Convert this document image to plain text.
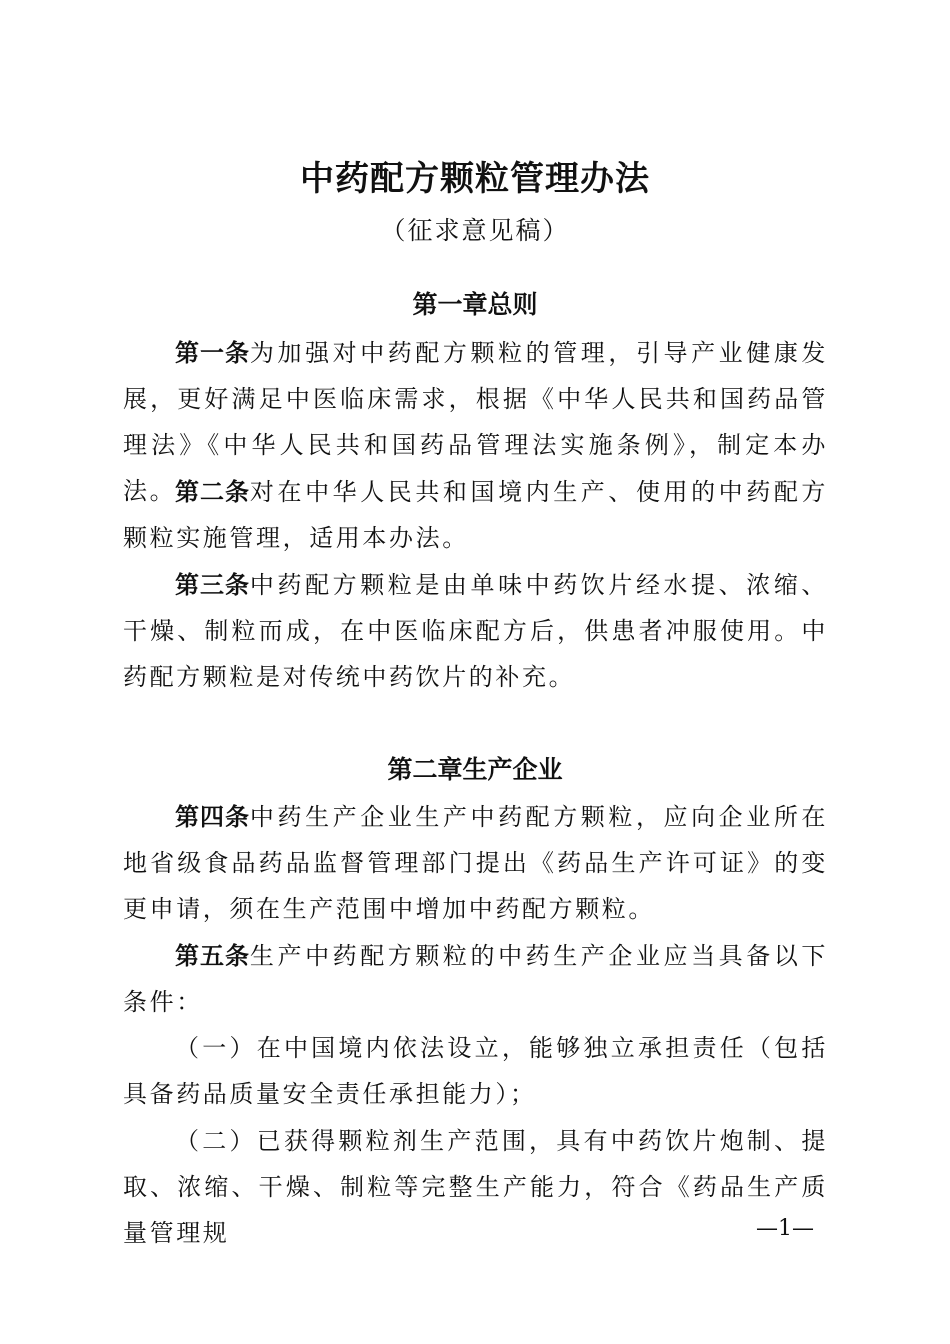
中药配方颗粒管理办法
（征求意见稿）
第一章总则

第一条为加强对中药配方颗粒的管理，引导产业健康发展，更好满足中医临床需求，根据《中华人民共和国药品管理法》《中华人民共和国药品管理法实施条例》，制定本办法。

第二条对在中华人民共和国境内生产、使用的中药配方颗粒实施管理，适用本办法。

第三条中药配方颗粒是由单味中药饮片经水提、浓缩、干燥、制粒而成，在中医临床配方后，供患者冲服使用。中药配方颗粒是对传统中药饮片的补充。

第二章生产企业

第四条中药生产企业生产中药配方颗粒，应向企业所在地省级食品药品监督管理部门提出《药品生产许可证》的变更申请，须在生产范围中增加中药配方颗粒。

第五条生产中药配方颗粒的中药生产企业应当具备以下条件：

（一）在中国境内依法设立，能够独立承担责任（包括具备药品质量安全责任承担能力）；

（二）已获得颗粒剂生产范围，具有中药饮片炮制、提取、浓缩、干燥、制粒等完整生产能力，符合《药品生产质量管理规	—1—
